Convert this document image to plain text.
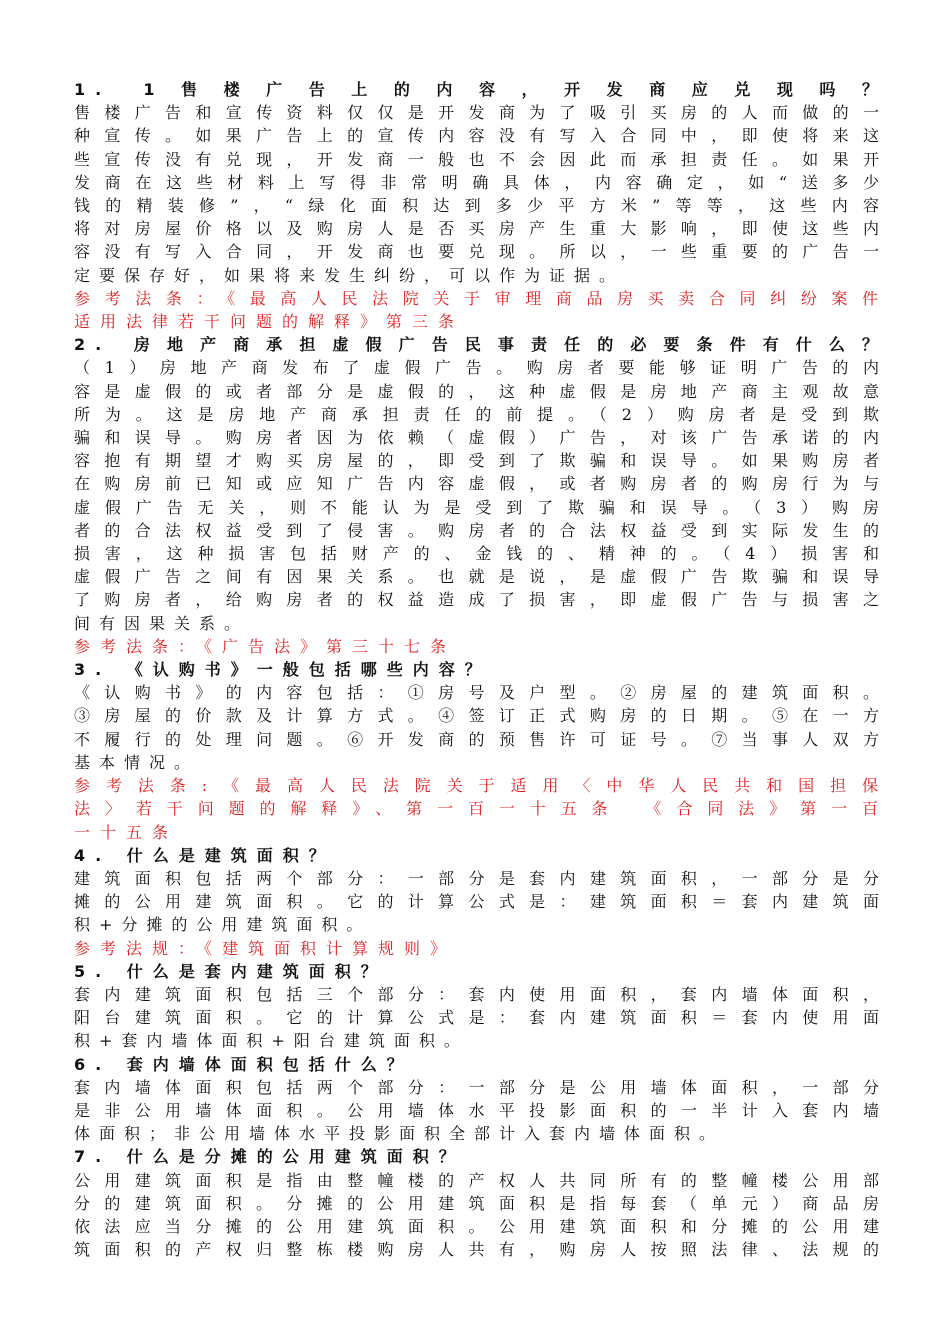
1. 1售楼广告上的内容，开发商应兑现吗？
售楼广告和宣传资料仅仅是开发商为了吸引买房的人而做的一
种宣传。如果广告上的宣传内容没有写入合同中，即使将来这
些宣传没有兑现，开发商一般也不会因此而承担责任。如果开
发商在这些材料上写得非常明确具体，内容确定，如“送多少
钱的精装修”，“绿化面积达到多少平方米”等等，这些内容
将对房屋价格以及购房人是否买房产生重大影响，即使这些内
容没有写入合同，开发商也要兑现。所以，一些重要的广告一
定要保存好，如果将来发生纠纷，可以作为证据。
参考法条：《最高人民法院关于审理商品房买卖合同纠纷案件
适用法律若干问题的解释》第三条
2. 房地产商承担虚假广告民事责任的必要条件有什么？
（1）房地产商发布了虚假广告。购房者要能够证明广告的内
容是虚假的或者部分是虚假的，这种虚假是房地产商主观故意
所为。这是房地产商承担责任的前提。（2）购房者是受到欺
骗和误导。购房者因为依赖（虚假）广告，对该广告承诺的内
容抱有期望才购买房屋的，即受到了欺骗和误导。如果购房者
在购房前已知或应知广告内容虚假，或者购房者的购房行为与
虚假广告无关，则不能认为是受到了欺骗和误导。（3）购房
者的合法权益受到了侵害。购房者的合法权益受到实际发生的
损害，这种损害包括财产的、金钱的、精神的。（4）损害和
虚假广告之间有因果关系。也就是说，是虚假广告欺骗和误导
了购房者，给购房者的权益造成了损害，即虚假广告与损害之
间有因果关系。
参考法条：《广告法》第三十七条
3. 《认购书》一般包括哪些内容？
《认购书》的内容包括：①房号及户型。②房屋的建筑面积。
③房屋的价款及计算方式。④签订正式购房的日期。⑤在一方
不履行的处理问题。⑥开发商的预售许可证号。⑦当事人双方
基本情况。
参考法条:《最高人民法院关于适用〈中华人民共和国担保
法〉若干问题的解释》、第一百一十五条　《合同法》第一百
一十五条
4. 什么是建筑面积？
建筑面积包括两个部分：一部分是套内建筑面积，一部分是分
摊的公用建筑面积。它的计算公式是：建筑面积＝套内建筑面
积+分摊的公用建筑面积。
参考法规：《建筑面积计算规则》
5. 什么是套内建筑面积？
套内建筑面积包括三个部分：套内使用面积，套内墙体面积，
阳台建筑面积。它的计算公式是：套内建筑面积＝套内使用面
积+套内墙体面积+阳台建筑面积。
6. 套内墙体面积包括什么？
套内墙体面积包括两个部分：一部分是公用墙体面积，一部分
是非公用墙体面积。公用墙体水平投影面积的一半计入套内墙
体面积；非公用墙体水平投影面积全部计入套内墙体面积。
7. 什么是分摊的公用建筑面积？
公用建筑面积是指由整幢楼的产权人共同所有的整幢楼公用部
分的建筑面积。分摊的公用建筑面积是指每套（单元）商品房
依法应当分摊的公用建筑面积。公用建筑面积和分摊的公用建
筑面积的产权归整栋楼购房人共有，购房人按照法律、法规的
